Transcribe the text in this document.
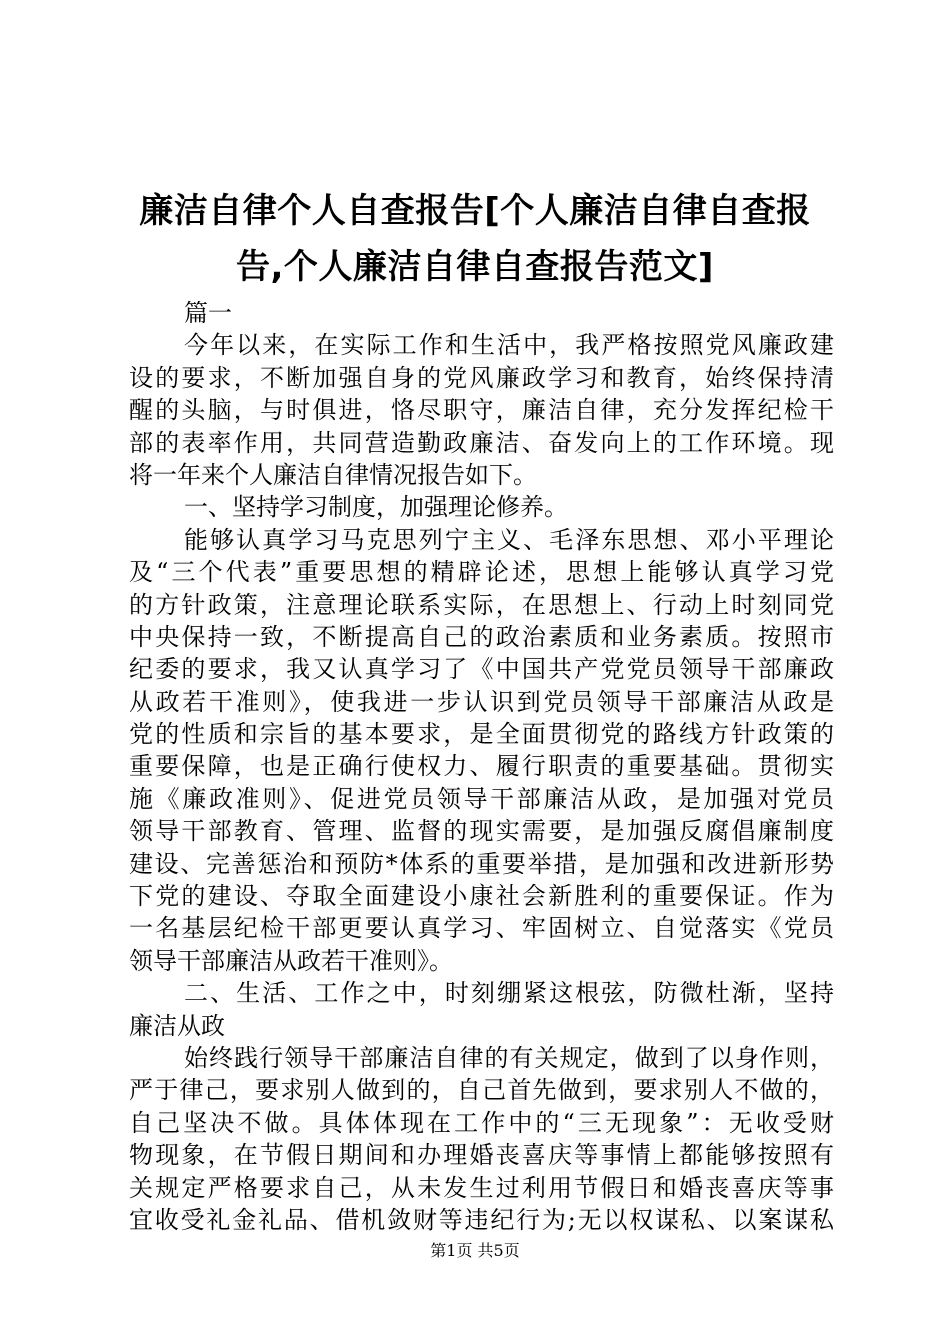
廉洁自律个人自查报告[个人廉洁自律自查报
告,个人廉洁自律自查报告范文]
篇一
今年以来，在实际工作和生活中，我严格按照党风廉政建
设的要求，不断加强自身的党风廉政学习和教育，始终保持清
醒的头脑，与时俱进，恪尽职守，廉洁自律，充分发挥纪检干
部的表率作用，共同营造勤政廉洁、奋发向上的工作环境。现
将一年来个人廉洁自律情况报告如下。
一、坚持学习制度，加强理论修养。
能够认真学习马克思列宁主义、毛泽东思想、邓小平理论
及“三个代表”重要思想的精辟论述，思想上能够认真学习党
的方针政策，注意理论联系实际，在思想上、行动上时刻同党
中央保持一致，不断提高自己的政治素质和业务素质。按照市
纪委的要求，我又认真学习了《中国共产党党员领导干部廉政
从政若干准则》，使我进一步认识到党员领导干部廉洁从政是
党的性质和宗旨的基本要求，是全面贯彻党的路线方针政策的
重要保障，也是正确行使权力、履行职责的重要基础。贯彻实
施《廉政准则》、促进党员领导干部廉洁从政，是加强对党员
领导干部教育、管理、监督的现实需要，是加强反腐倡廉制度
建设、完善惩治和预防*体系的重要举措，是加强和改进新形势
下党的建设、夺取全面建设小康社会新胜利的重要保证。作为
一名基层纪检干部更要认真学习、牢固树立、自觉落实《党员
领导干部廉洁从政若干准则》。
二、生活、工作之中，时刻绷紧这根弦，防微杜渐，坚持
廉洁从政
始终践行领导干部廉洁自律的有关规定，做到了以身作则，
严于律己，要求别人做到的，自己首先做到，要求别人不做的，
自己坚决不做。具体体现在工作中的“三无现象”：无收受财
物现象，在节假日期间和办理婚丧喜庆等事情上都能够按照有
关规定严格要求自己，从未发生过利用节假日和婚丧喜庆等事
宜收受礼金礼品、借机敛财等违纪行为;无以权谋私、以案谋私
第1页 共5页
